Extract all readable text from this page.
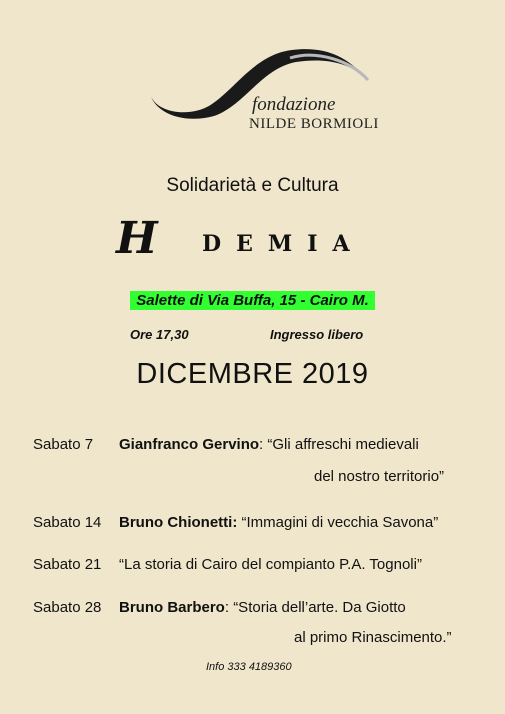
fondazione
NILDE BORMIOLI
Solidarietà e Cultura
H DEMIA
Salette di Via Buffa, 15 - Cairo M.
Ore 17,30	Ingresso libero
DICEMBRE 2019
Sabato 7 Gianfranco Gervino: “Gli affreschi medievali
del nostro territorio”
Sabato 14 Bruno Chionetti: “Immagini di vecchia Savona”
Sabato 21 “La storia di Cairo del compianto P.A. Tognoli”
Sabato 28 Bruno Barbero: “Storia dell’arte. Da Giotto
al primo Rinascimento.”
Info 333 4189360
